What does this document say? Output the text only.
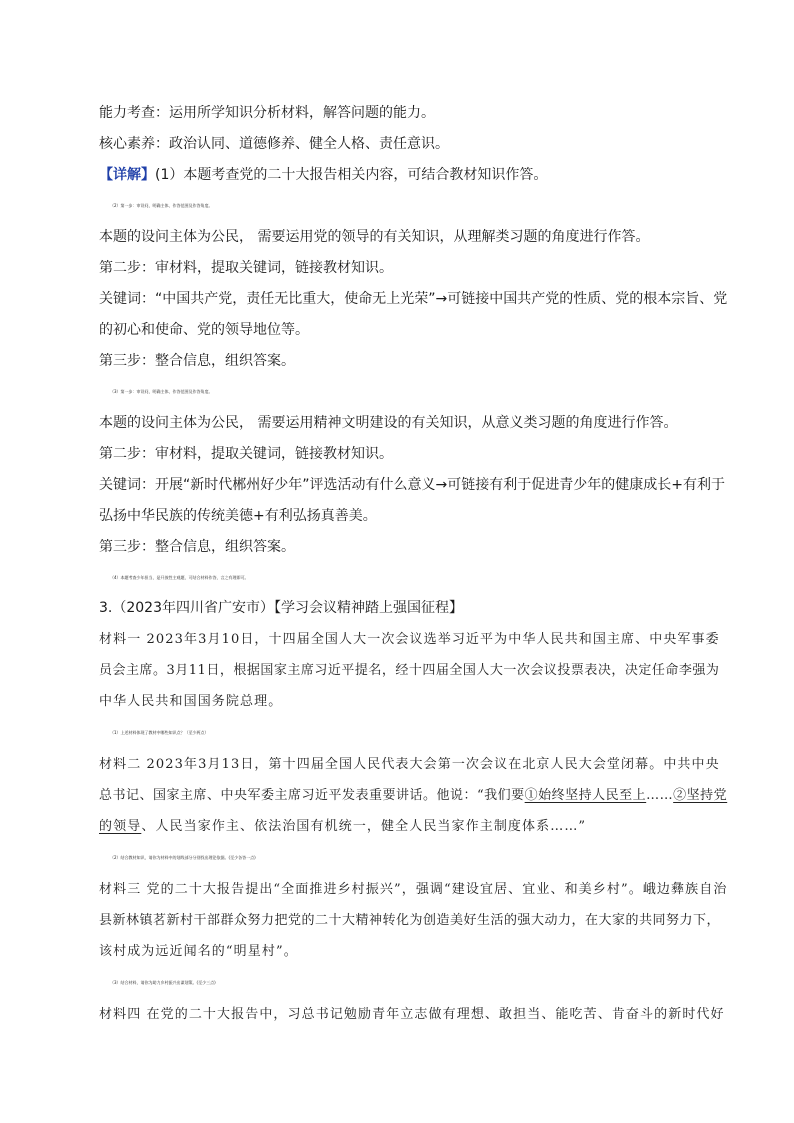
能力考查：运用所学知识分析材料，解答问题的能力。
核心素养：政治认同、道德修养、健全人格、责任意识。
【详解】(1）本题考查党的二十大报告相关内容，可结合教材知识作答。
（2）第一步：审设问，明确主体、作答范围及作答角度。
本题的设问主体为公民， 需要运用党的领导的有关知识，从理解类习题的角度进行作答。
第二步：审材料，提取关键词，链接教材知识。
关键词：“中国共产党，责任无比重大，使命无上光荣”→可链接中国共产党的性质、党的根本宗旨、党
的初心和使命、党的领导地位等。
第三步：整合信息，组织答案。
（3）第一步：审设问，明确主体、作答范围及作答角度。
本题的设问主体为公民， 需要运用精神文明建设的有关知识，从意义类习题的角度进行作答。
第二步：审材料，提取关键词，链接教材知识。
关键词：开展“新时代郴州好少年”评选活动有什么意义→可链接有利于促进青少年的健康成长+有利于
弘扬中华民族的传统美德+有利弘扬真善美。
第三步：整合信息，组织答案。
（4）本题考查少年担当，是开放性主观题，可结合材料作答，言之有理即可。
3.（2023年四川省广安市）【学习会议精神踏上强国征程】
材料一 2023年3月10日，十四届全国人大一次会议选举习近平为中华人民共和国主席、中央军事委
员会主席。3月11日，根据国家主席习近平提名，经十四届全国人大一次会议投票表决，决定任命李强为
中华人民共和国国务院总理。
（1）上述材料体现了教材中哪些知识点？（至少两点）
材料二 2023年3月13日，第十四届全国人民代表大会第一次会议在北京人民大会堂闭幕。中共中央
总书记、国家主席、中央军委主席习近平发表重要讲话。他说：“我们要①始终坚持人民至上……②坚持党
的领导、人民当家作主、依法治国有机统一，健全人民当家作主制度体系……”
（2）结合教材知识，请你为材料中的划线部分分别找出理论依据。(至少各答一点)
材料三 党的二十大报告提出“全面推进乡村振兴”，强调“建设宜居、宜业、和美乡村”。峨边彝族自治
县新林镇茗新村干部群众努力把党的二十大精神转化为创造美好生活的强大动力，在大家的共同努力下，
该村成为远近闻名的“明星村”。
（3）结合材料，请你为助力乡村振兴出谋划策。(至少三点)
材料四 在党的二十大报告中，习总书记勉励青年立志做有理想、敢担当、能吃苦、肯奋斗的新时代好
